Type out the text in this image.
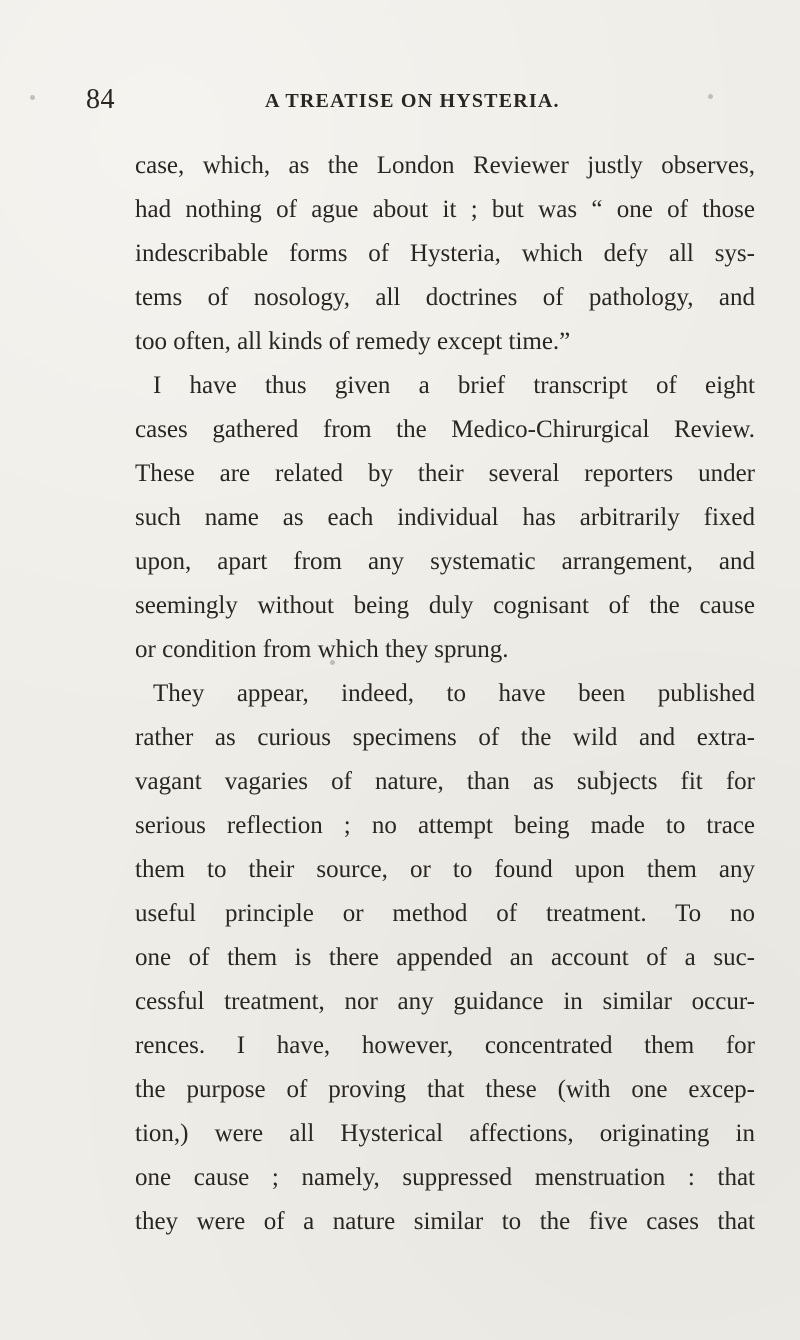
84	A TREATISE ON HYSTERIA.
case, which, as the London Reviewer justly observes,
had nothing of ague about it ; but was “ one of those
indescribable forms of Hysteria, which defy all sys-
tems of nosology, all doctrines of pathology, and
too often, all kinds of remedy except time.”
I have thus given a brief transcript of eight
cases gathered from the Medico-Chirurgical Review.
These are related by their several reporters under
such name as each individual has arbitrarily fixed
upon, apart from any systematic arrangement, and
seemingly without being duly cognisant of the cause
or condition from which they sprung.
They appear, indeed, to have been published
rather as curious specimens of the wild and extra-
vagant vagaries of nature, than as subjects fit for
serious reflection ; no attempt being made to trace
them to their source, or to found upon them any
useful principle or method of treatment. To no
one of them is there appended an account of a suc-
cessful treatment, nor any guidance in similar occur-
rences. I have, however, concentrated them for
the purpose of proving that these (with one excep-
tion,) were all Hysterical affections, originating in
one cause ; namely, suppressed menstruation : that
they were of a nature similar to the five cases that
